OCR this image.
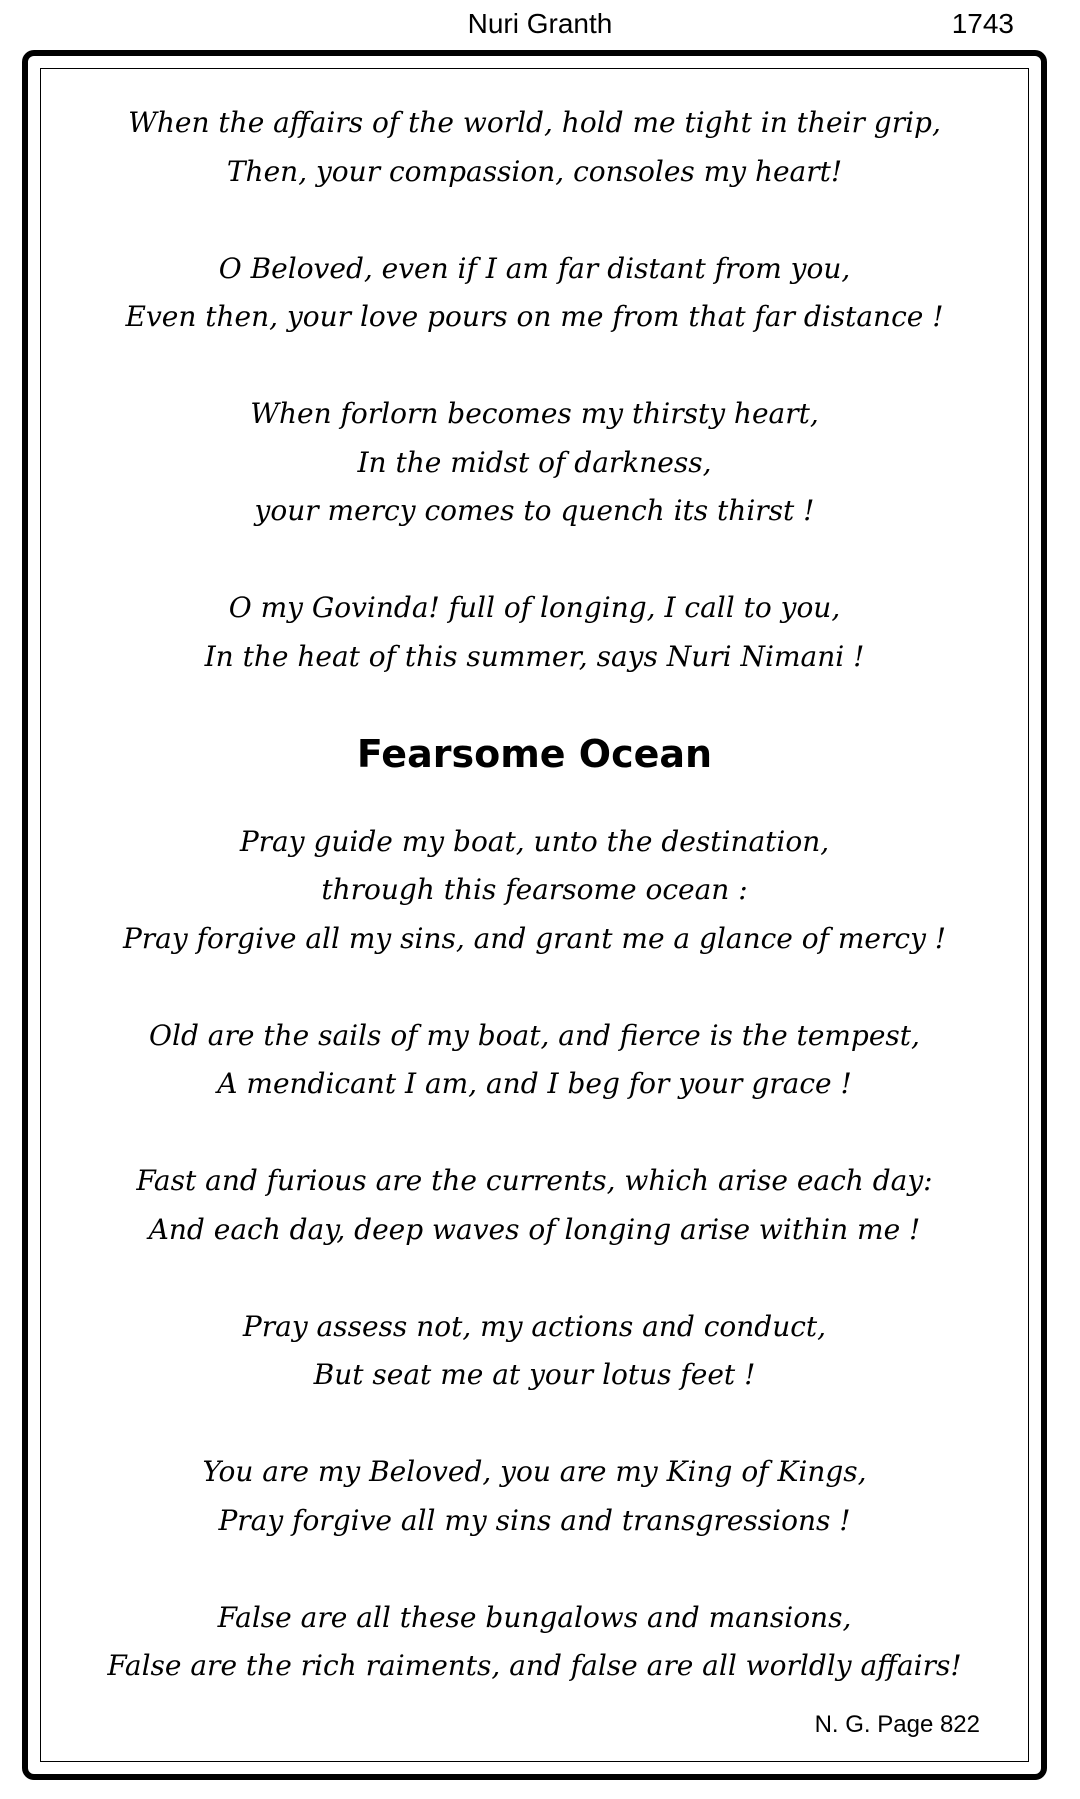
Nuri Granth	1743
When the affairs of the world, hold me tight in their grip,
Then, your compassion, consoles my heart!
O Beloved, even if I am far distant from you,
Even then, your love pours on me from that far distance !
When forlorn becomes my thirsty heart,
In the midst of darkness,
your mercy comes to quench its thirst !
O my Govinda! full of longing, I call to you,
In the heat of this summer, says Nuri Nimani !
Fearsome Ocean
Pray guide my boat, unto the destination,
through this fearsome ocean :
Pray forgive all my sins, and grant me a glance of mercy !
Old are the sails of my boat, and fierce is the tempest,
A mendicant I am, and I beg for your grace !
Fast and furious are the currents, which arise each day:
And each day, deep waves of longing arise within me !
Pray assess not, my actions and conduct,
But seat me at your lotus feet !
You are my Beloved, you are my King of Kings,
Pray forgive all my sins and transgressions !
False are all these bungalows and mansions,
False are the rich raiments, and false are all worldly affairs!
N. G. Page 822
